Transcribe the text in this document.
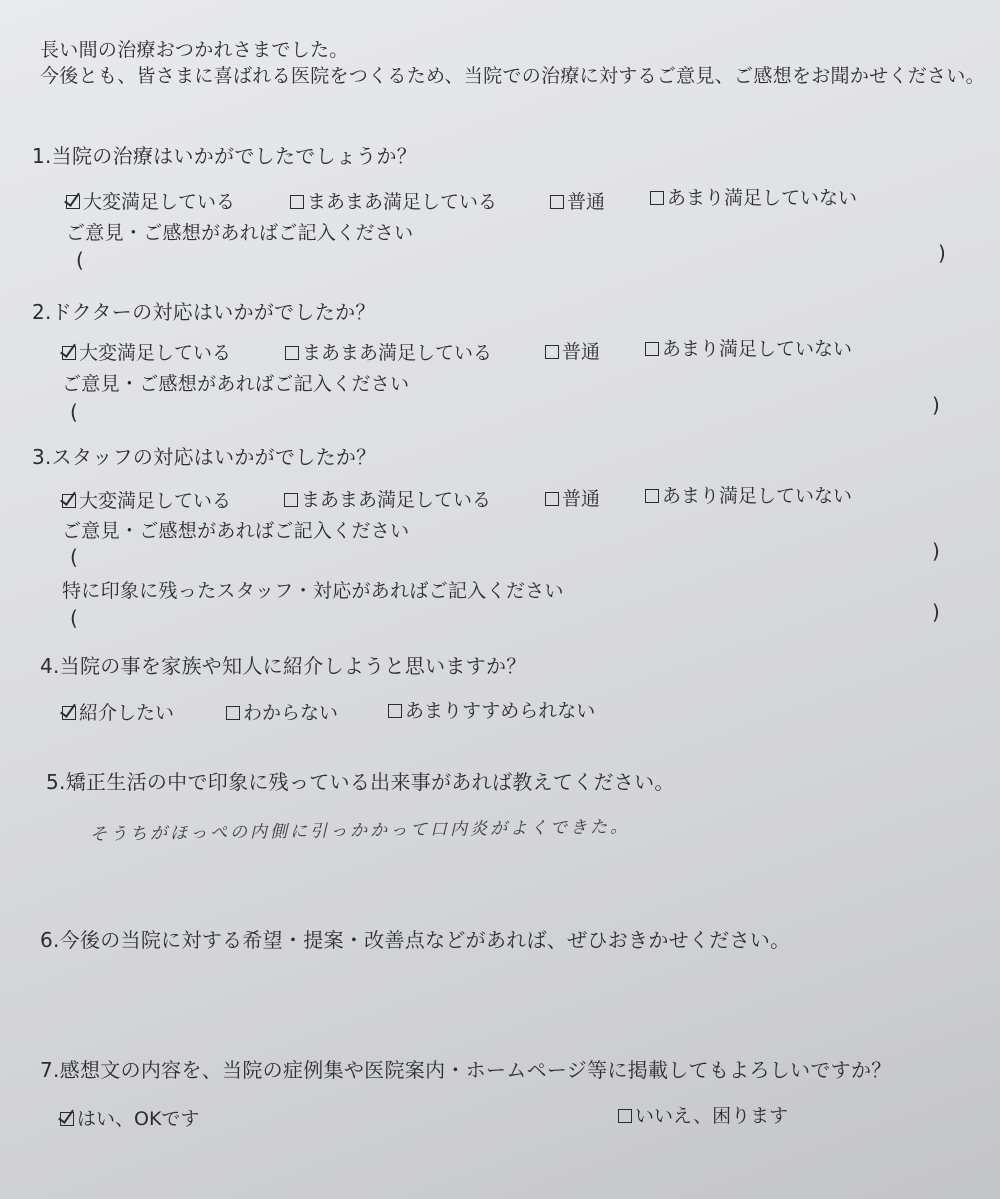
長い間の治療おつかれさまでした。
今後とも、皆さまに喜ばれる医院をつくるため、当院での治療に対するご意見、ご感想をお聞かせください。
1.当院の治療はいかがでしたでしょうか？
大変満足している	まあまあ満足している	普通	あまり満足していない
ご意見・ご感想があればご記入ください
(	)
2.ドクターの対応はいかがでしたか？
大変満足している	まあまあ満足している	普通	あまり満足していない
ご意見・ご感想があればご記入ください
(	)
3.スタッフの対応はいかがでしたか？
大変満足している	まあまあ満足している	普通	あまり満足していない
ご意見・ご感想があればご記入ください
(	)
特に印象に残ったスタッフ・対応があればご記入ください
(	)
4.当院の事を家族や知人に紹介しようと思いますか？
紹介したい	わからない	あまりすすめられない
5.矯正生活の中で印象に残っている出来事があれば教えてください。
そうちがほっぺの内側に引っかかって口内炎がよくできた。
6.今後の当院に対する希望・提案・改善点などがあれば、ぜひおきかせください。
7.感想文の内容を、当院の症例集や医院案内・ホームページ等に掲載してもよろしいですか？
はい、OKです	いいえ、困ります
